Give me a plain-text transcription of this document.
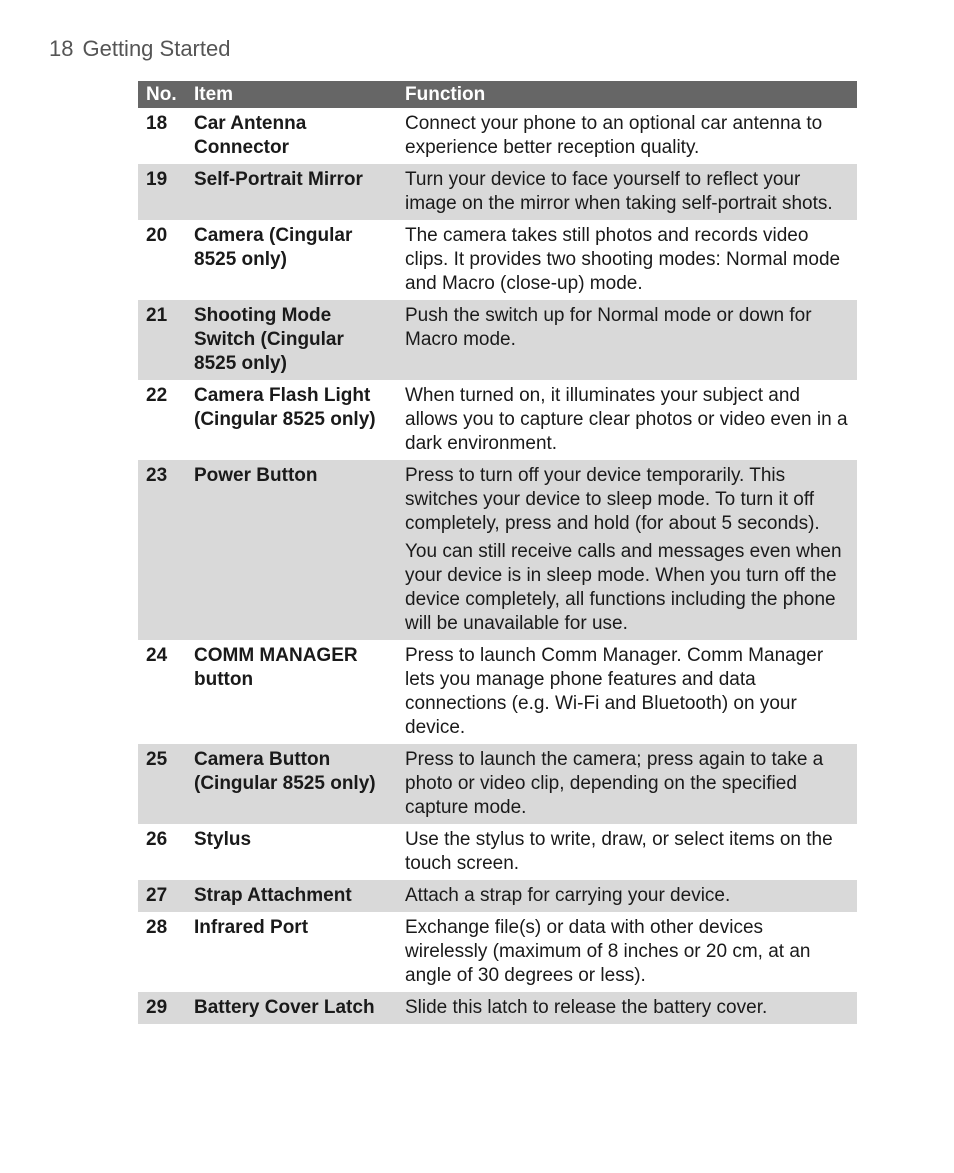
18 Getting Started
No.	Item	Function
18	Car Antenna Connector	Connect your phone to an optional car antenna to experience better reception quality.

19	Self-Portrait Mirror	Turn your device to face yourself to reflect your image on the mirror when taking self-portrait shots.

20	Camera (Cingular 8525 only)	The camera takes still photos and records video clips. It provides two shooting modes: Normal mode and Macro (close-up) mode.

21	Shooting Mode Switch (Cingular 8525 only)	Push the switch up for Normal mode or down for Macro mode.

22	Camera Flash Light (Cingular 8525 only)	When turned on, it illuminates your subject and allows you to capture clear photos or video even in a dark environment.

23	Power Button	Press to turn off your device temporarily. This switches your device to sleep mode. To turn it off completely, press and hold (for about 5 seconds).

You can still receive calls and messages even when your device is in sleep mode. When you turn off the device completely, all functions including the phone will be unavailable for use.

24	COMM MANAGER button	Press to launch Comm Manager. Comm Manager lets you manage phone features and data connections (e.g. Wi-Fi and Bluetooth) on your device.

25	Camera Button (Cingular 8525 only)	Press to launch the camera; press again to take a photo or video clip, depending on the specified capture mode.

26	Stylus	Use the stylus to write, draw, or select items on the touch screen.

27	Strap Attachment	Attach a strap for carrying your device.

28	Infrared Port	Exchange file(s) or data with other devices wirelessly (maximum of 8 inches or 20 cm, at an angle of 30 degrees or less).

29	Battery Cover Latch	Slide this latch to release the battery cover.
